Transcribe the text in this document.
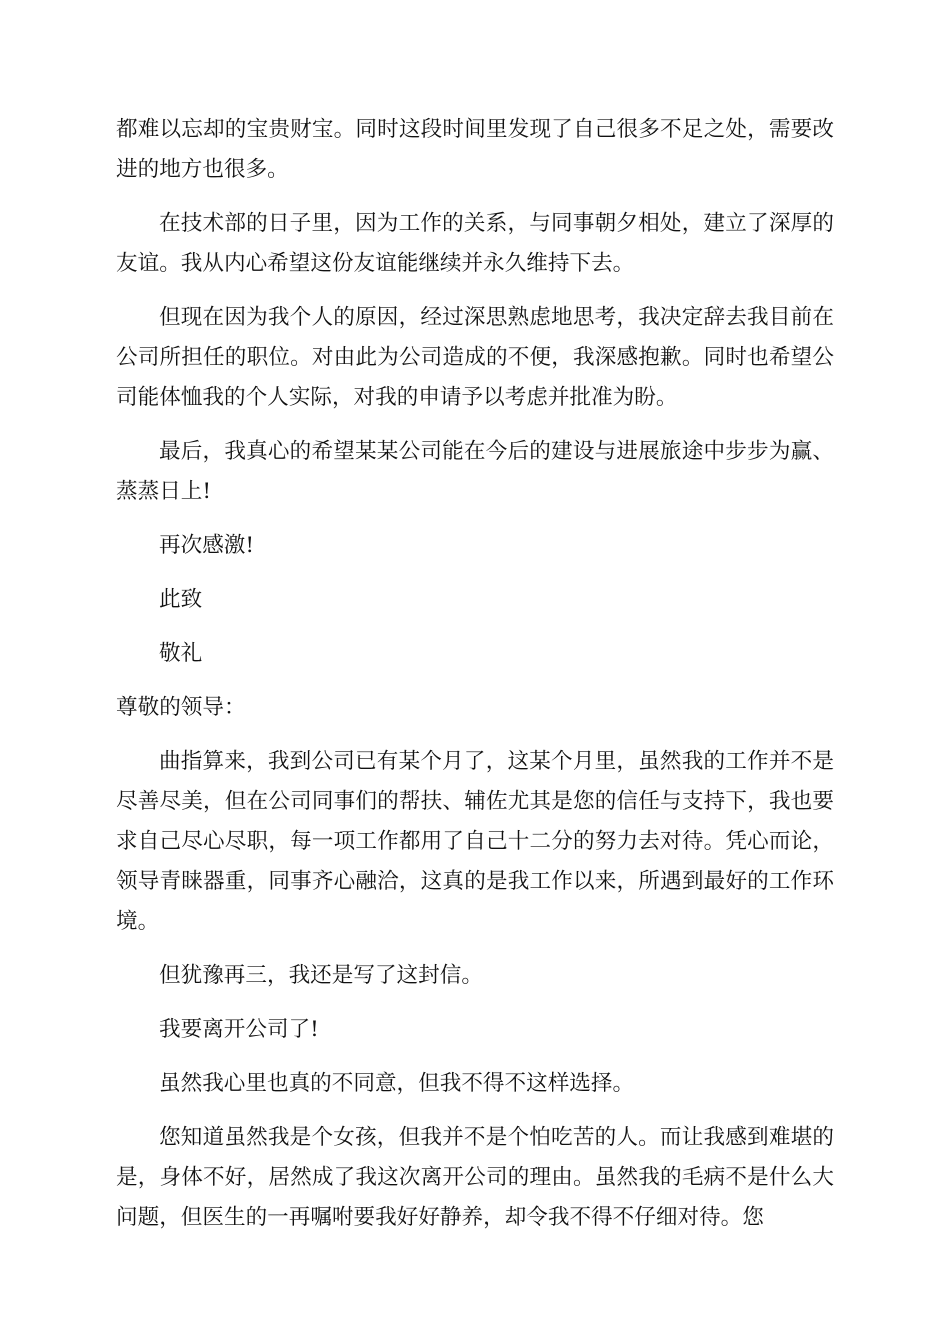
都难以忘却的宝贵财宝。同时这段时间里发现了自己很多不足之处，需要改进的地方也很多。

在技术部的日子里，因为工作的关系，与同事朝夕相处，建立了深厚的友谊。我从内心希望这份友谊能继续并永久维持下去。

但现在因为我个人的原因，经过深思熟虑地思考，我决定辞去我目前在公司所担任的职位。对由此为公司造成的不便，我深感抱歉。同时也希望公司能体恤我的个人实际，对我的申请予以考虑并批准为盼。

最后，我真心的希望某某公司能在今后的建设与进展旅途中步步为赢、蒸蒸日上!

再次感激!

此致

敬礼

尊敬的领导：

曲指算来，我到公司已有某个月了，这某个月里，虽然我的工作并不是尽善尽美，但在公司同事们的帮扶、辅佐尤其是您的信任与支持下，我也要求自己尽心尽职，每一项工作都用了自己十二分的努力去对待。凭心而论，领导青睐器重，同事齐心融洽，这真的是我工作以来，所遇到最好的工作环境。

但犹豫再三，我还是写了这封信。

我要离开公司了!

虽然我心里也真的不同意，但我不得不这样选择。

您知道虽然我是个女孩，但我并不是个怕吃苦的人。而让我感到难堪的是，身体不好，居然成了我这次离开公司的理由。虽然我的毛病不是什么大问题，但医生的一再嘱咐要我好好静养，却令我不得不仔细对待。您
